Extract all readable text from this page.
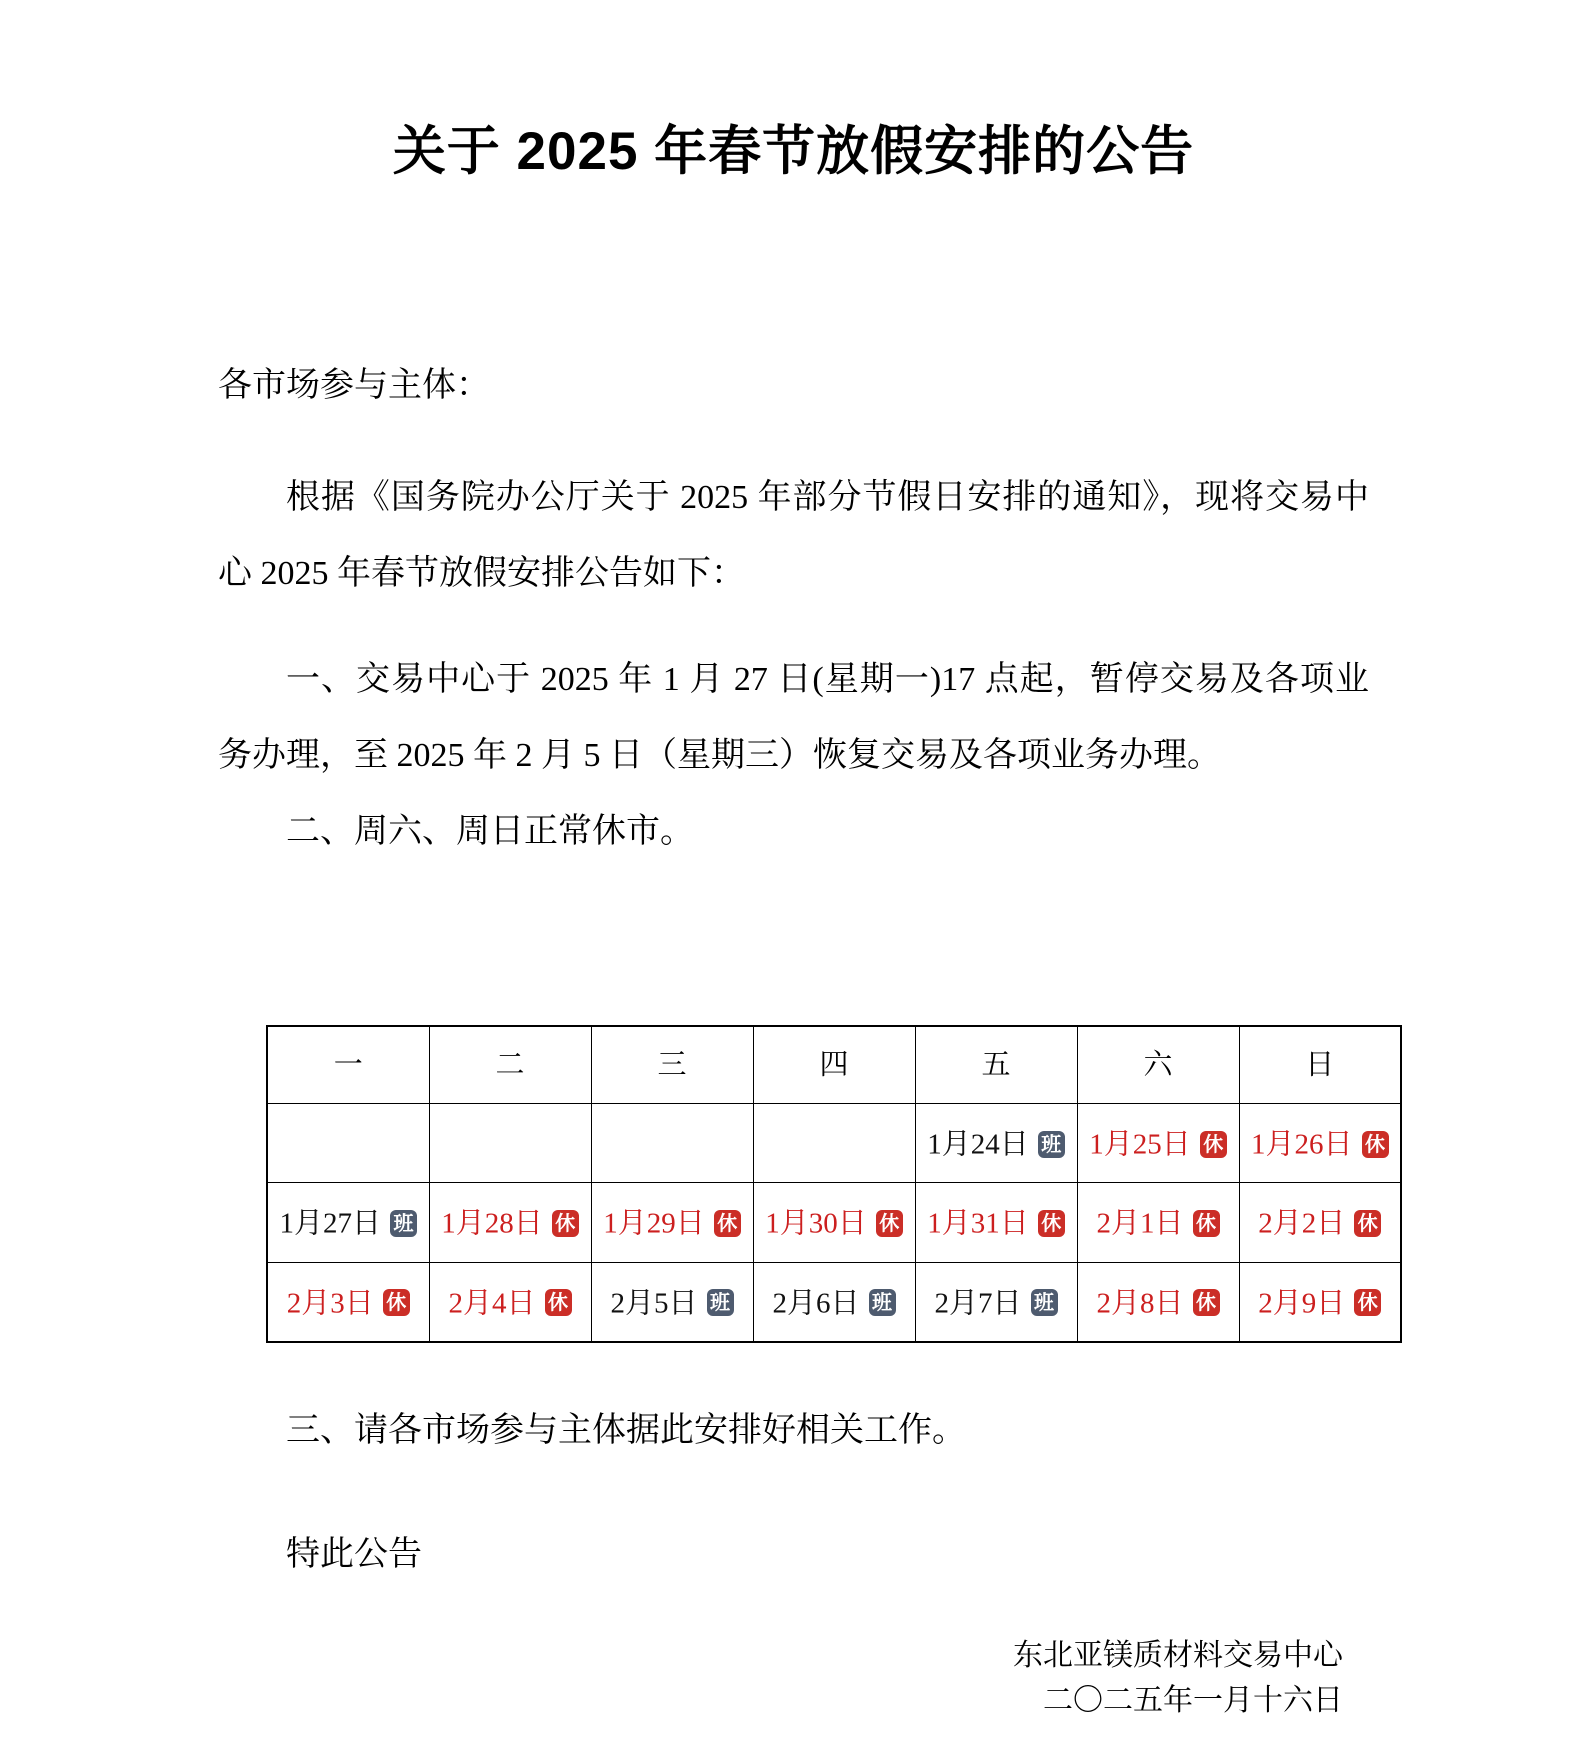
关于 2025 年春节放假安排的公告
各市场参与主体：
根据《国务院办公厅关于 2025 年部分节假日安排的通知》，现将交易中心 2025 年春节放假安排公告如下：
一、交易中心于 2025 年 1 月 27 日(星期一)17 点起，暂停交易及各项业务办理，至 2025 年 2 月 5 日（星期三）恢复交易及各项业务办理。
二、周六、周日正常休市。
一	二	三	四	五	六	日
				1月24日 班	1月25日 休	1月26日 休
1月27日 班	1月28日 休	1月29日 休	1月30日 休	1月31日 休	2月1日 休	2月2日 休
2月3日 休	2月4日 休	2月5日 班	2月6日 班	2月7日 班	2月8日 休	2月9日 休
三、请各市场参与主体据此安排好相关工作。
特此公告
东北亚镁质材料交易中心
二〇二五年一月十六日
